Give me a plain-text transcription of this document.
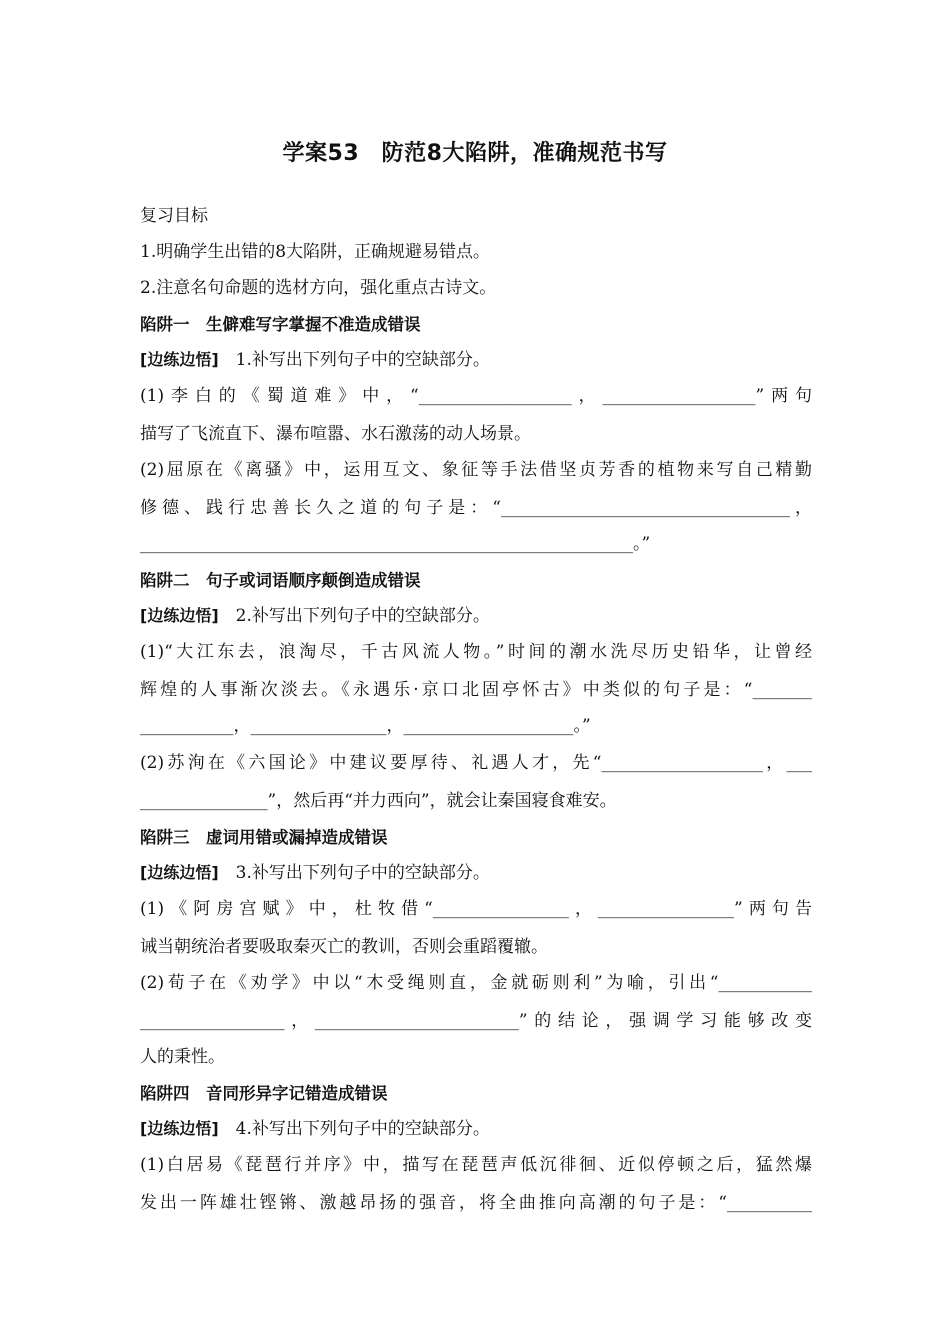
学案53　防范8大陷阱，准确规范书写
复习目标
1.明确学生出错的8大陷阱，正确规避易错点。
2.注意名句命题的选材方向，强化重点古诗文。
陷阱一　生僻难写字掌握不准造成错误
[边练边悟]　1.补写出下列句子中的空缺部分。
(1)李白的《蜀道难》中，“__________________，__________________”两句
描写了飞流直下、瀑布喧嚣、水石激荡的动人场景。
(2)屈原在《离骚》中，运用互文、象征等手法借坚贞芳香的植物来写自己精勤
修德、践行忠善长久之道的句子是：“__________________________________，
__________________________________________________________。”
陷阱二　句子或词语顺序颠倒造成错误
[边练边悟]　2.补写出下列句子中的空缺部分。
(1)“大江东去，浪淘尽，千古风流人物。”时间的潮水洗尽历史铅华，让曾经
辉煌的人事渐次淡去。《永遇乐·京口北固亭怀古》中类似的句子是：“_______
___________，________________，____________________。”
(2)苏洵在《六国论》中建议要厚待、礼遇人才，先“___________________，___
_______________”，然后再“并力西向”，就会让秦国寝食难安。
陷阱三　虚词用错或漏掉造成错误
[边练边悟]　3.补写出下列句子中的空缺部分。
(1)《阿房宫赋》中，杜牧借“________________，________________”两句告
诫当朝统治者要吸取秦灭亡的教训，否则会重蹈覆辙。
(2)荀子在《劝学》中以“木受绳则直，金就砺则利”为喻，引出“___________
_________________，________________________”的结论，强调学习能够改变
人的秉性。
陷阱四　音同形异字记错造成错误
[边练边悟]　4.补写出下列句子中的空缺部分。
(1)白居易《琵琶行并序》中，描写在琵琶声低沉徘徊、近似停顿之后，猛然爆
发出一阵雄壮铿锵、激越昂扬的强音，将全曲推向高潮的句子是：“__________
